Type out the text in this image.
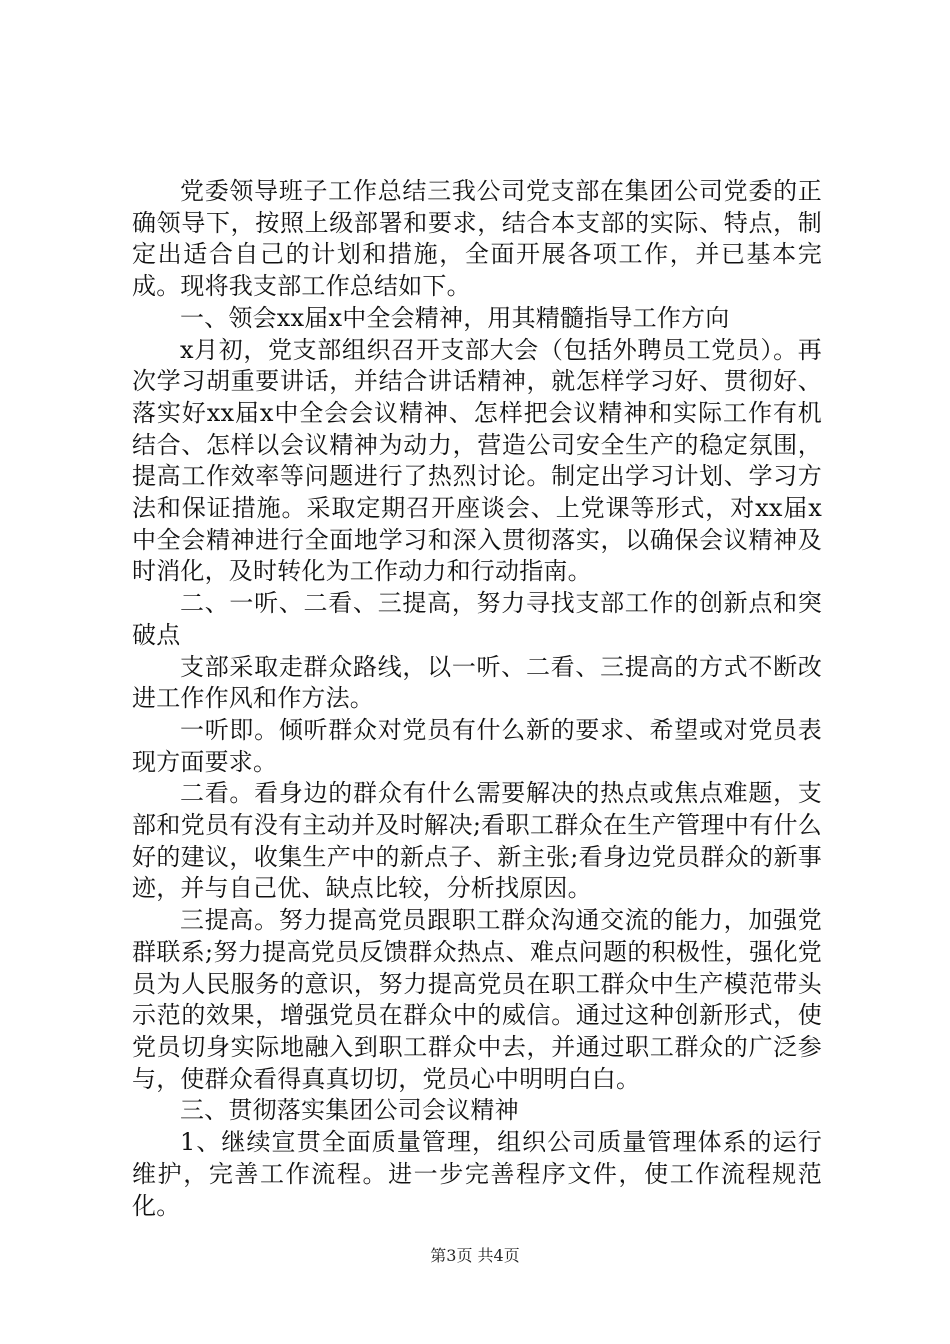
党委领导班子工作总结三我公司党支部在集团公司党委的正确领导下，按照上级部署和要求，结合本支部的实际、特点，制定出适合自己的计划和措施，全面开展各项工作，并已基本完成。现将我支部工作总结如下。

一、领会xx届x中全会精神，用其精髓指导工作方向

x月初，党支部组织召开支部大会（包括外聘员工党员）。再次学习胡重要讲话，并结合讲话精神，就怎样学习好、贯彻好、落实好xx届x中全会会议精神、怎样把会议精神和实际工作有机结合、怎样以会议精神为动力，营造公司安全生产的稳定氛围，提高工作效率等问题进行了热烈讨论。制定出学习计划、学习方法和保证措施。采取定期召开座谈会、上党课等形式，对xx届x中全会精神进行全面地学习和深入贯彻落实，以确保会议精神及时消化，及时转化为工作动力和行动指南。

二、一听、二看、三提高，努力寻找支部工作的创新点和突破点

支部采取走群众路线，以一听、二看、三提高的方式不断改进工作作风和作方法。

一听即。倾听群众对党员有什么新的要求、希望或对党员表现方面要求。

二看。看身边的群众有什么需要解决的热点或焦点难题，支部和党员有没有主动并及时解决;看职工群众在生产管理中有什么好的建议，收集生产中的新点子、新主张;看身边党员群众的新事迹，并与自己优、缺点比较，分析找原因。

三提高。努力提高党员跟职工群众沟通交流的能力，加强党群联系;努力提高党员反馈群众热点、难点问题的积极性，强化党员为人民服务的意识，努力提高党员在职工群众中生产模范带头示范的效果，增强党员在群众中的威信。通过这种创新形式，使党员切身实际地融入到职工群众中去，并通过职工群众的广泛参与，使群众看得真真切切，党员心中明明白白。

三、贯彻落实集团公司会议精神

1、继续宣贯全面质量管理，组织公司质量管理体系的运行维护，完善工作流程。进一步完善程序文件，使工作流程规范化。

第3页 共4页
